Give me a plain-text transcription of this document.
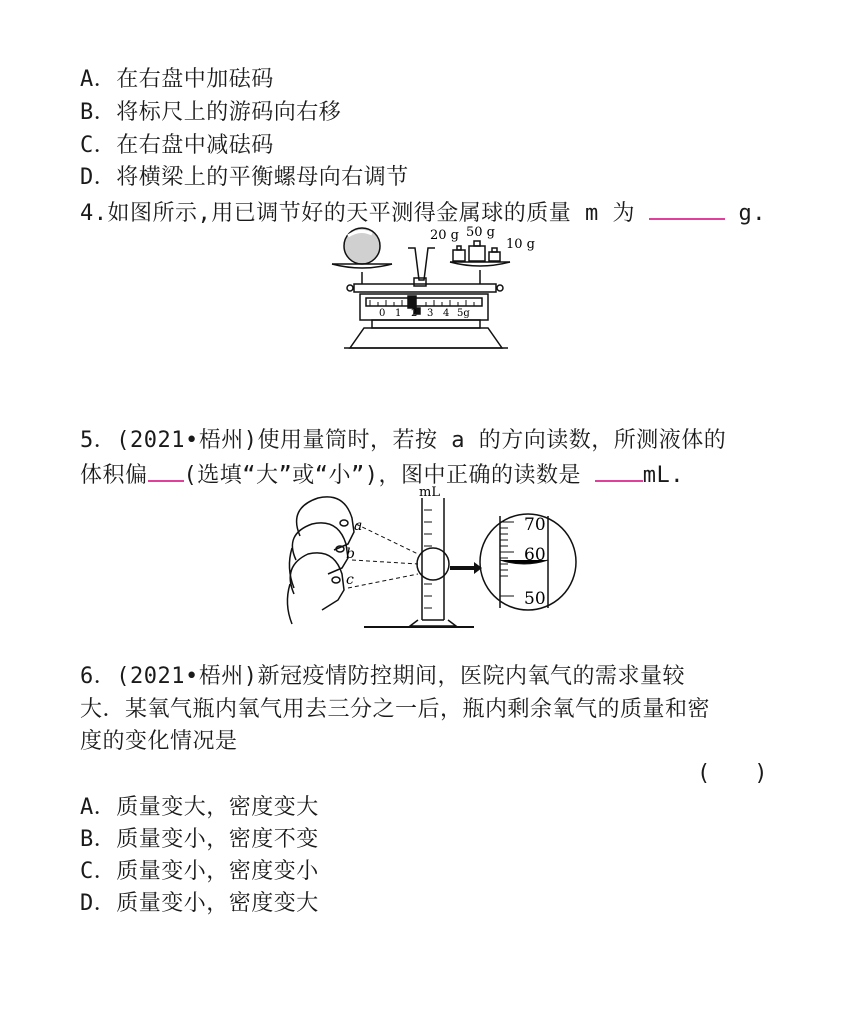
A．在右盘中加砝码
B．将标尺上的游码向右移
C．在右盘中减砝码
D．将横梁上的平衡螺母向右调节
4.如图所示,用已调节好的天平测得金属球的质量 m 为	g.
20 g 50 g
10 g
0 1 2 3 4 5g
5．(2021•梧州)使用量筒时，若按 a 的方向读数，所测液体的
体积偏 (选填“大”或“小”)，图中正确的读数是 mL.
mL
a
b
c
70
60
50
6．(2021•梧州)新冠疫情防控期间，医院内氧气的需求量较
大．某氧气瓶内氧气用去三分之一后，瓶内剩余氧气的质量和密
度的变化情况是
(　　)
A．质量变大，密度变大
B．质量变小，密度不变
C．质量变小，密度变小
D．质量变小，密度变大
